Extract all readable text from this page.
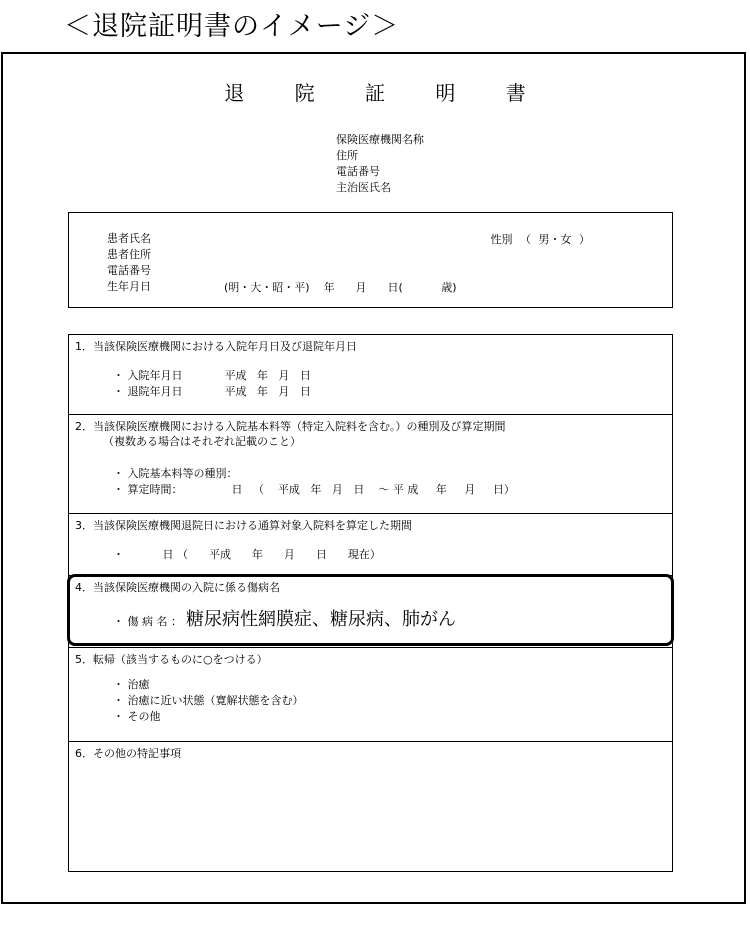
＜退院証明書のイメージ＞
退 院 証 明 書
保険医療機関名称
住所
電話番号
主治医氏名
患者氏名
患者住所
電話番号
生年月日
性別 （ 男・女 ）
(明・大・昭・平)    年      月      日(           歳)
1．当該保険医療機関における入院年月日及び退院年月日
・ 入院年月日            平成   年   月   日
・ 退院年月日            平成   年   月   日
2．当該保険医療機関における入院基本料等（特定入院料を含む。）の種別及び算定期間
（複数ある場合はそれぞれ記載のこと）
・ 入院基本料等の種別：
・ 算定時間：              日   （    平成   年   月   日    ～ 平 成     年     月     日）
3．当該保険医療機関退院日における通算対象入院料を算定した期間
・           日 （      平成      年      月      日      現在）
4．当該保険医療機関の入院に係る傷病名
・ 傷 病 名 ： 糖尿病性網膜症、糖尿病、肺がん
5．転帰（該当するものに○をつける）
・ 治癒
・ 治癒に近い状態（寛解状態を含む）
・ その他
6．その他の特記事項
